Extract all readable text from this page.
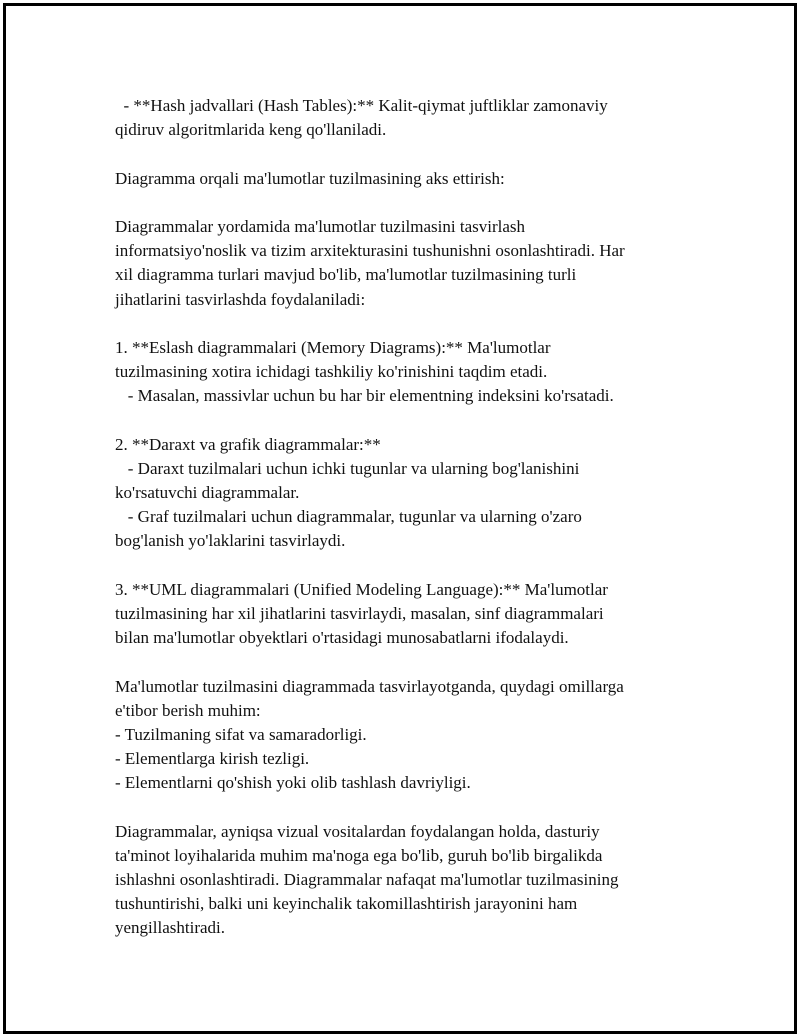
- **Hash jadvallari (Hash Tables):** Kalit-qiymat juftliklar zamonaviy
qidiruv algoritmlarida keng qo'llaniladi.
Diagramma orqali ma'lumotlar tuzilmasining aks ettirish:
Diagrammalar yordamida ma'lumotlar tuzilmasini tasvirlash
informatsiyo'noslik va tizim arxitekturasini tushunishni osonlashtiradi. Har
xil diagramma turlari mavjud bo'lib, ma'lumotlar tuzilmasining turli
jihatlarini tasvirlashda foydalaniladi:
1. **Eslash diagrammalari (Memory Diagrams):** Ma'lumotlar
tuzilmasining xotira ichidagi tashkiliy ko'rinishini taqdim etadi.
- Masalan, massivlar uchun bu har bir elementning indeksini ko'rsatadi.
2. **Daraxt va grafik diagrammalar:**
- Daraxt tuzilmalari uchun ichki tugunlar va ularning bog'lanishini
ko'rsatuvchi diagrammalar.
- Graf tuzilmalari uchun diagrammalar, tugunlar va ularning o'zaro
bog'lanish yo'laklarini tasvirlaydi.
3. **UML diagrammalari (Unified Modeling Language):** Ma'lumotlar
tuzilmasining har xil jihatlarini tasvirlaydi, masalan, sinf diagrammalari
bilan ma'lumotlar obyektlari o'rtasidagi munosabatlarni ifodalaydi.
Ma'lumotlar tuzilmasini diagrammada tasvirlayotganda, quydagi omillarga
e'tibor berish muhim:
- Tuzilmaning sifat va samaradorligi.
- Elementlarga kirish tezligi.
- Elementlarni qo'shish yoki olib tashlash davriyligi.
Diagrammalar, ayniqsa vizual vositalardan foydalangan holda, dasturiy
ta'minot loyihalarida muhim ma'noga ega bo'lib, guruh bo'lib birgalikda
ishlashni osonlashtiradi. Diagrammalar nafaqat ma'lumotlar tuzilmasining
tushuntirishi, balki uni keyinchalik takomillashtirish jarayonini ham
yengillashtiradi.
